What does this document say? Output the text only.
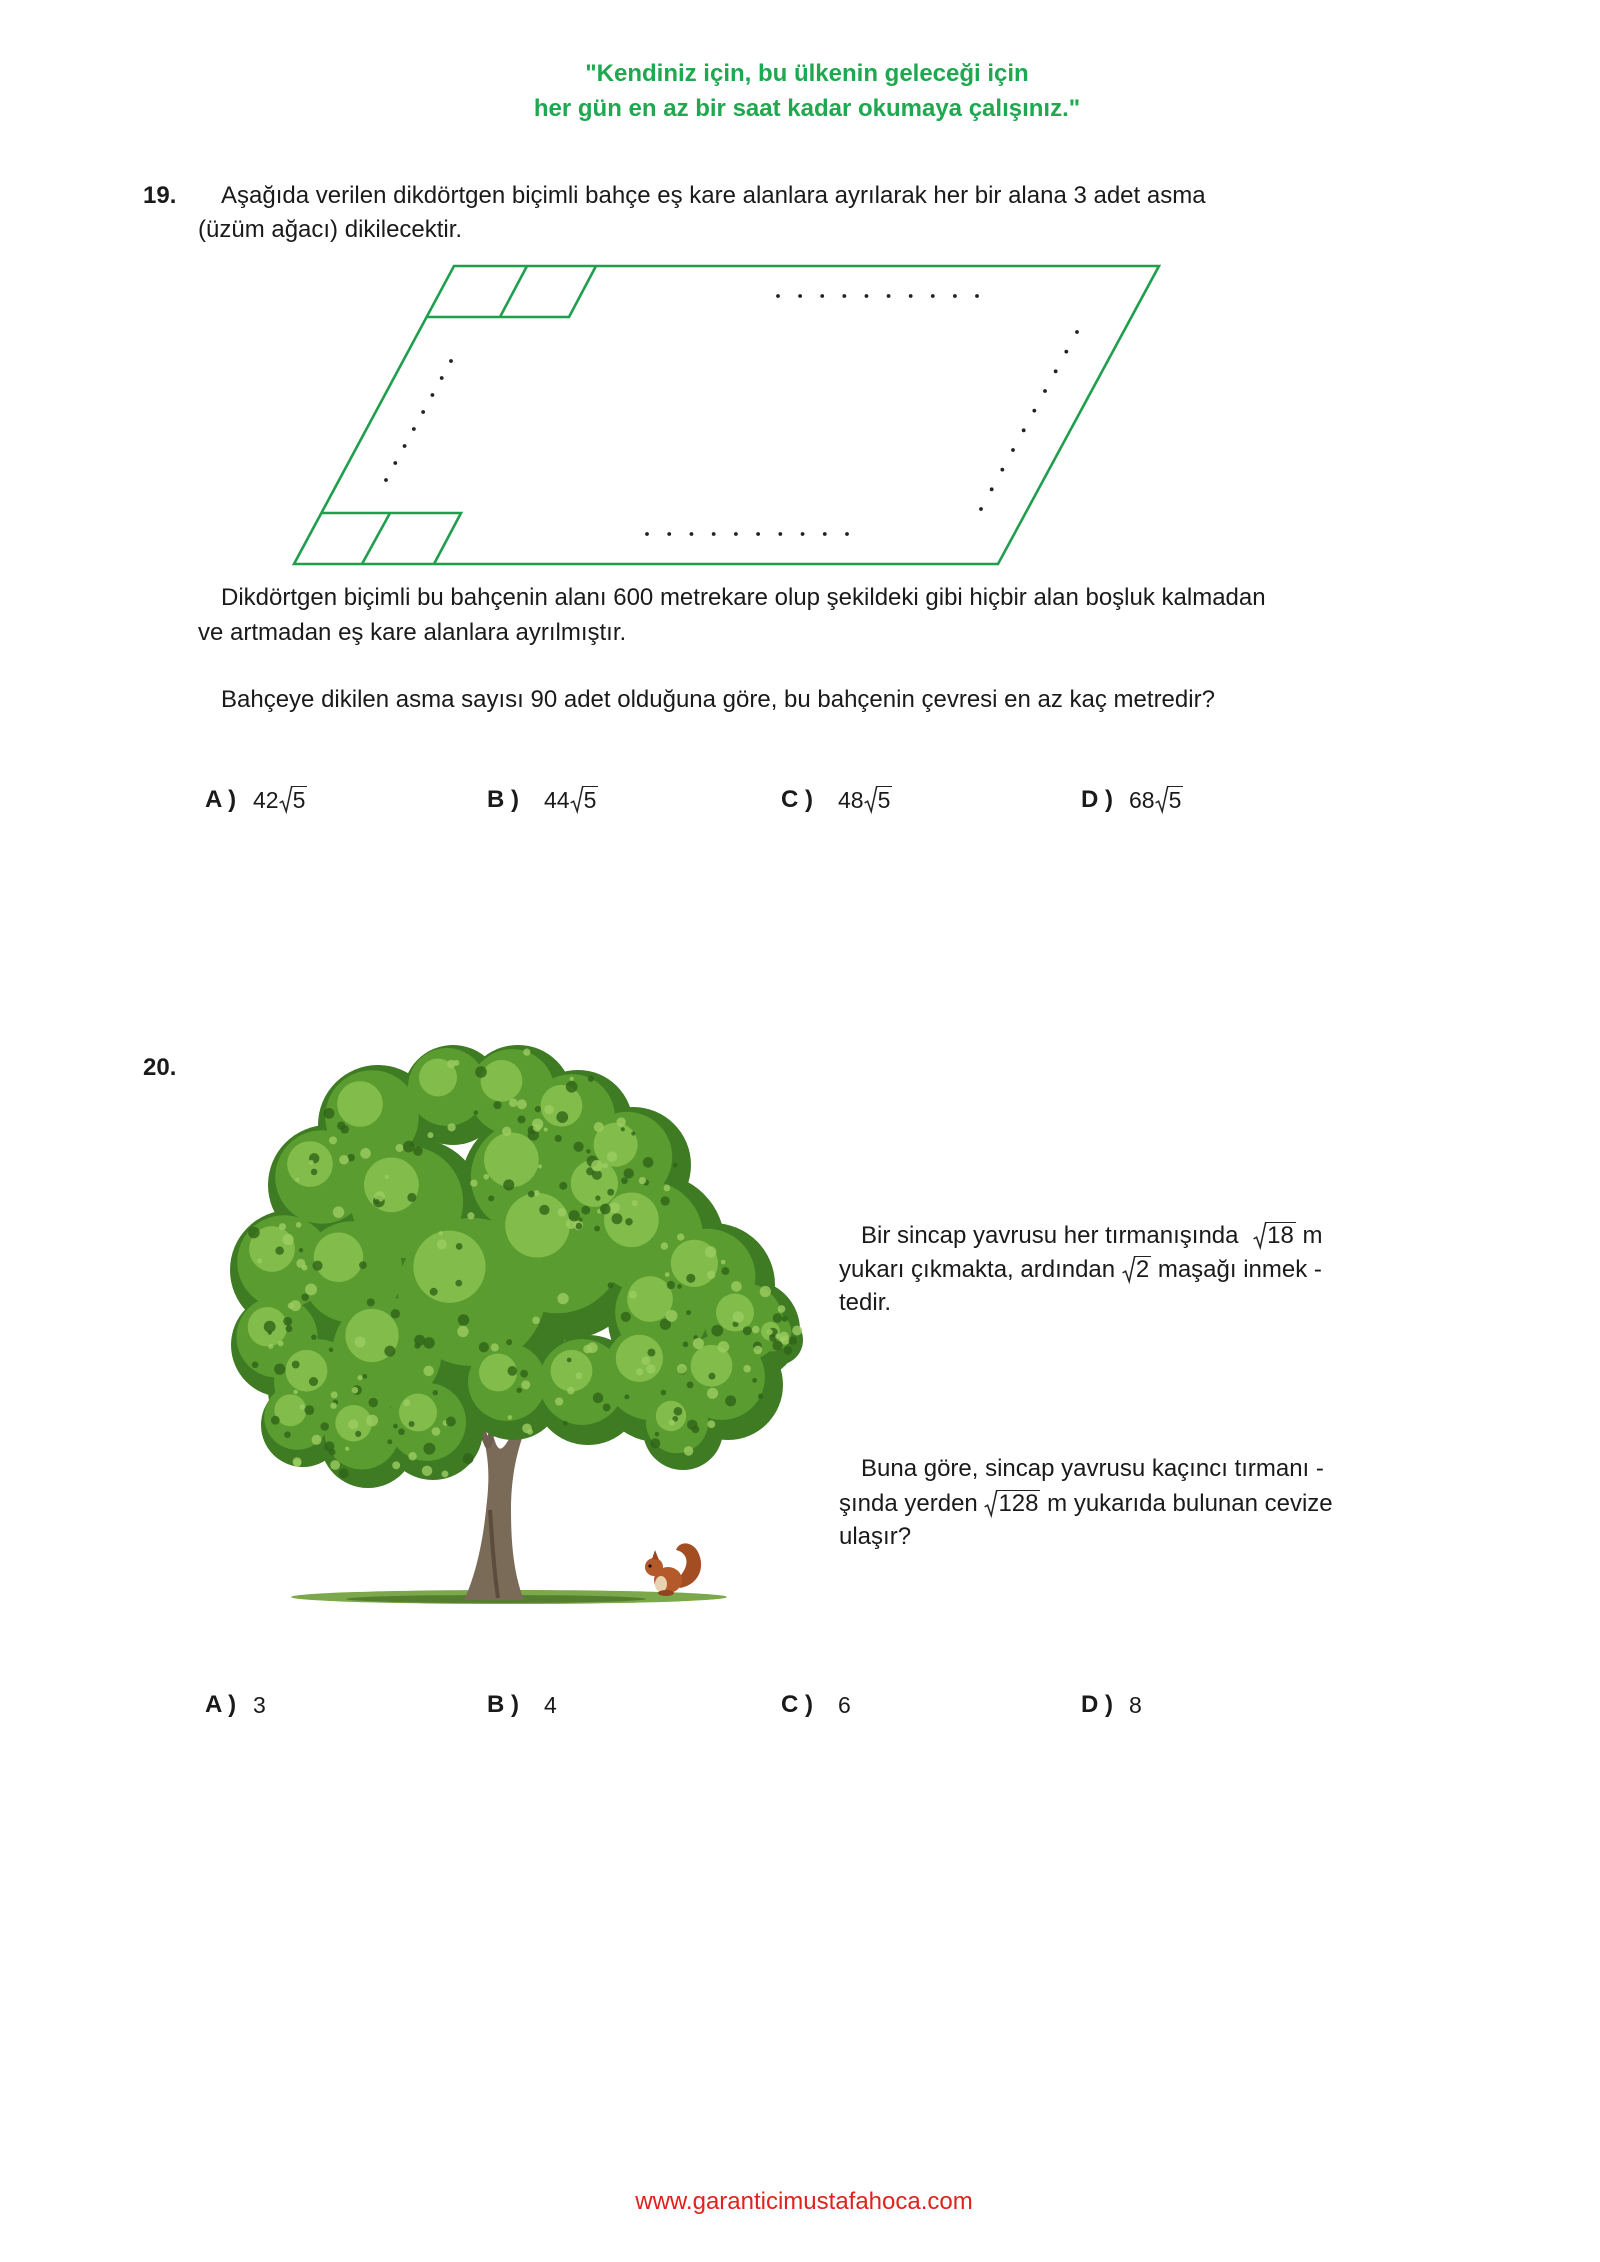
"Kendiniz için, bu ülkenin geleceği için
her gün en az bir saat kadar okumaya çalışınız."
19. Aşağıda verilen dikdörtgen biçimli bahçe eş kare alanlara ayrılarak her bir alana 3 adet asma
(üzüm ağacı) dikilecektir.
Dikdörtgen biçimli bu bahçenin alanı 600 metrekare olup şekildeki gibi hiçbir alan boşluk kalmadan
ve artmadan eş kare alanlara ayrılmıştır.
Bahçeye dikilen asma sayısı 90 adet olduğuna göre, bu bahçenin çevresi en az kaç metredir?
A ) 42 5	B ) 44 5	C ) 48 5	D ) 68 5
20.
Bir sincap yavrusu her tırmanışında 18 m
yukarı çıkmakta, ardından 2 maşağı inmek -
tedir.
Buna göre, sincap yavrusu kaçıncı tırmanı -
şında yerden 128 m yukarıda bulunan cevize
ulaşır?
A ) 3	B ) 4	C ) 6	D ) 8
www.garanticimustafahoca.com
